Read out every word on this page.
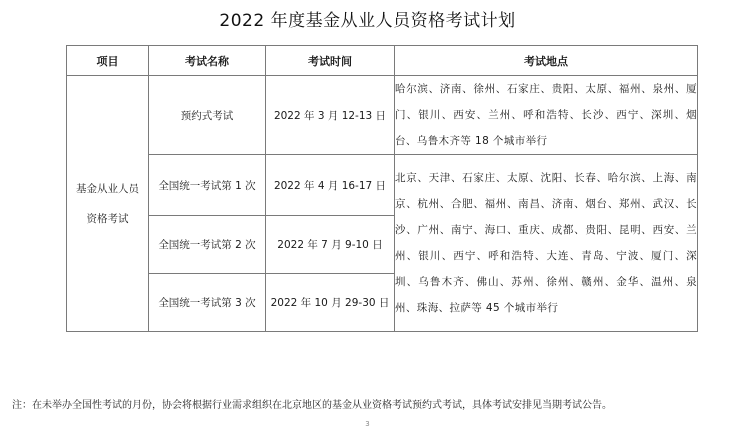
2022 年度基金从业人员资格考试计划
项目	考试名称	考试时间	考试地点

基金从业人员
资格考试	预约式考试	2022 年 3 月 12-13 日	哈尔滨、济南、徐州、石家庄、贵阳、太原、福州、泉州、厦门、银川、西安、兰州、呼和浩特、长沙、西宁、深圳、烟台、乌鲁木齐等 18 个城市举行
	全国统一考试第 1 次	2022 年 4 月 16-17 日	北京、天津、石家庄、太原、沈阳、长春、哈尔滨、上海、南京、杭州、合肥、福州、南昌、济南、烟台、郑州、武汉、长沙、广州、南宁、海口、重庆、成都、贵阳、昆明、西安、兰州、银川、西宁、呼和浩特、大连、青岛、宁波、厦门、深圳、乌鲁木齐、佛山、苏州、徐州、赣州、金华、温州、泉州、珠海、拉萨等 45 个城市举行
	全国统一考试第 2 次	2022 年 7 月 9-10 日	
	全国统一考试第 3 次	2022 年 10 月 29-30 日	
注：在未举办全国性考试的月份，协会将根据行业需求组织在北京地区的基金从业资格考试预约式考试，具体考试安排见当期考试公告。
3
